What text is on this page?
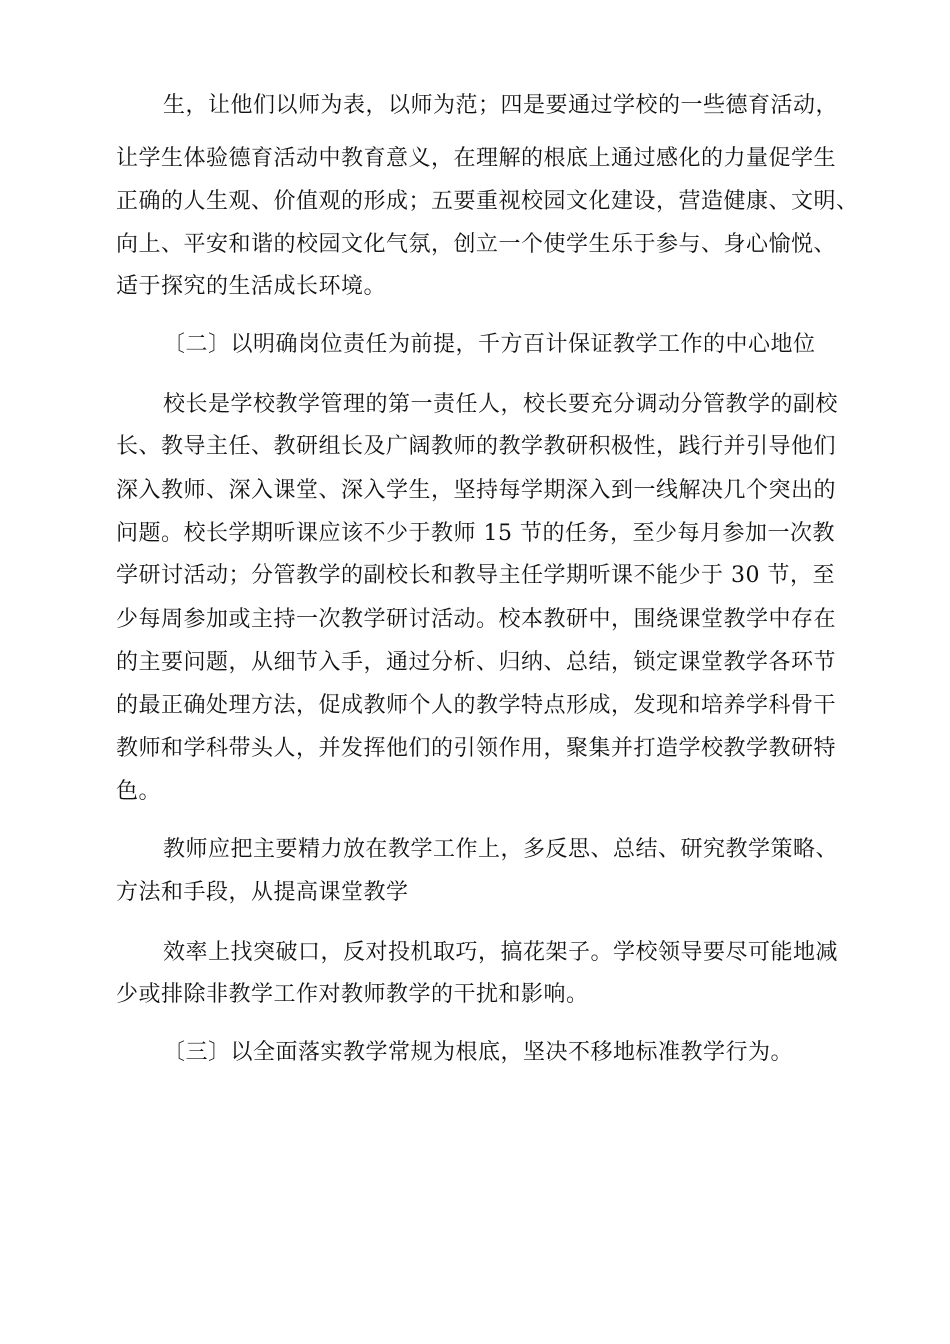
生，让他们以师为表，以师为范；四是要通过学校的一些德育活动，
让学生体验德育活动中教育意义，在理解的根底上通过感化的力量促学生
正确的人生观、价值观的形成；五要重视校园文化建设，营造健康、文明、
向上、平安和谐的校园文化气氛，创立一个使学生乐于参与、身心愉悦、
适于探究的生活成长环境。
〔二〕以明确岗位责任为前提，千方百计保证教学工作的中心地位
校长是学校教学管理的第一责任人，校长要充分调动分管教学的副校
长、教导主任、教研组长及广阔教师的教学教研积极性，践行并引导他们
深入教师、深入课堂、深入学生，坚持每学期深入到一线解决几个突出的
问题。校长学期听课应该不少于教师 15 节的任务，至少每月参加一次教
学研讨活动；分管教学的副校长和教导主任学期听课不能少于 30 节，至
少每周参加或主持一次教学研讨活动。校本教研中，围绕课堂教学中存在
的主要问题，从细节入手，通过分析、归纳、总结，锁定课堂教学各环节
的最正确处理方法，促成教师个人的教学特点形成，发现和培养学科骨干
教师和学科带头人，并发挥他们的引领作用，聚集并打造学校教学教研特
色。
教师应把主要精力放在教学工作上，多反思、总结、研究教学策略、
方法和手段，从提高课堂教学
效率上找突破口，反对投机取巧，搞花架子。学校领导要尽可能地减
少或排除非教学工作对教师教学的干扰和影响。
〔三〕以全面落实教学常规为根底，坚决不移地标准教学行为。
